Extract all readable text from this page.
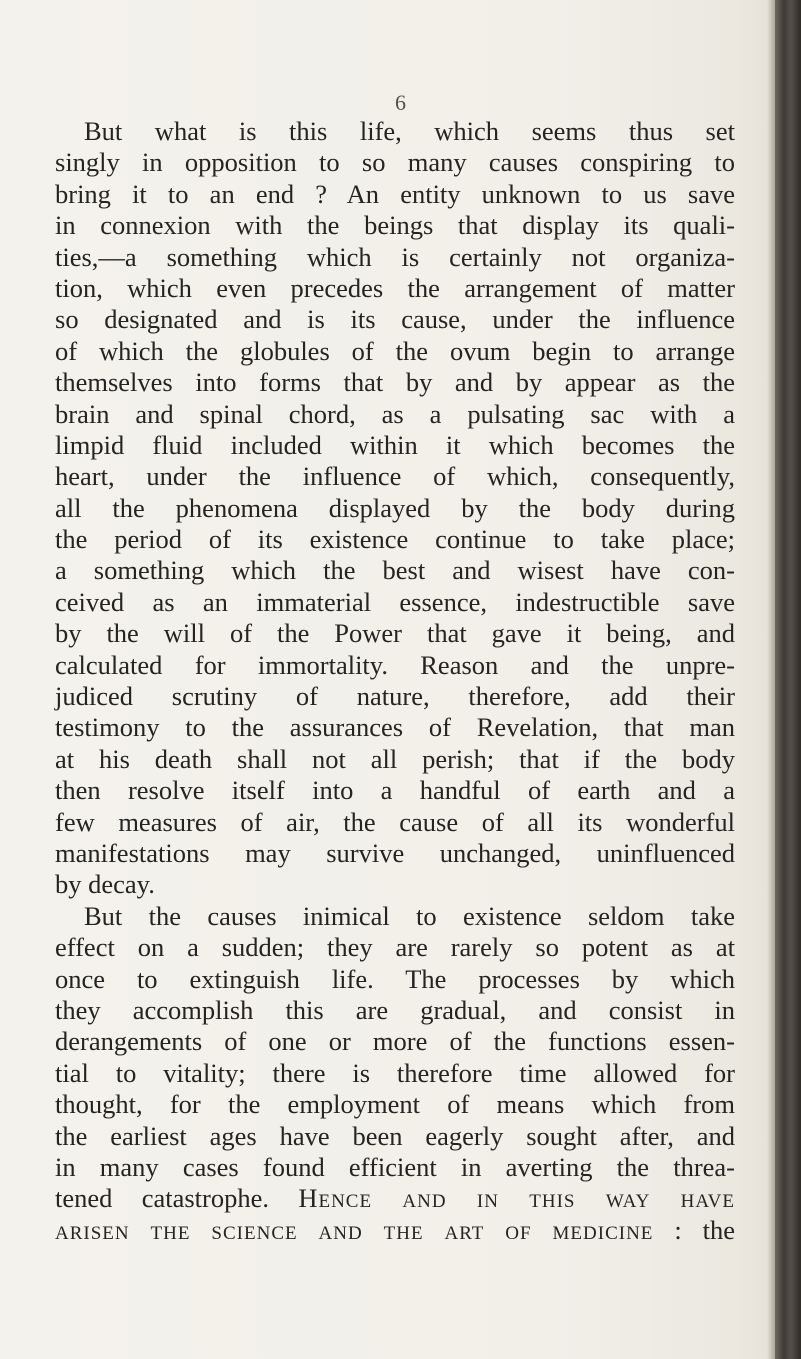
6
But what is this life, which seems thus set
singly in opposition to so many causes conspiring to
bring it to an end ? An entity unknown to us save
in connexion with the beings that display its quali-
ties,—a something which is certainly not organiza-
tion, which even precedes the arrangement of matter
so designated and is its cause, under the influence
of which the globules of the ovum begin to arrange
themselves into forms that by and by appear as the
brain and spinal chord, as a pulsating sac with a
limpid fluid included within it which becomes the
heart, under the influence of which, consequently,
all the phenomena displayed by the body during
the period of its existence continue to take place;
a something which the best and wisest have con-
ceived as an immaterial essence, indestructible save
by the will of the Power that gave it being, and
calculated for immortality. Reason and the unpre-
judiced scrutiny of nature, therefore, add their
testimony to the assurances of Revelation, that man
at his death shall not all perish; that if the body
then resolve itself into a handful of earth and a
few measures of air, the cause of all its wonderful
manifestations may survive unchanged, uninfluenced
by decay.
But the causes inimical to existence seldom take
effect on a sudden; they are rarely so potent as at
once to extinguish life. The processes by which
they accomplish this are gradual, and consist in
derangements of one or more of the functions essen-
tial to vitality; there is therefore time allowed for
thought, for the employment of means which from
the earliest ages have been eagerly sought after, and
in many cases found efficient in averting the threa-
tened catastrophe. Hence and in this way have
arisen the science and the art of medicine : the
